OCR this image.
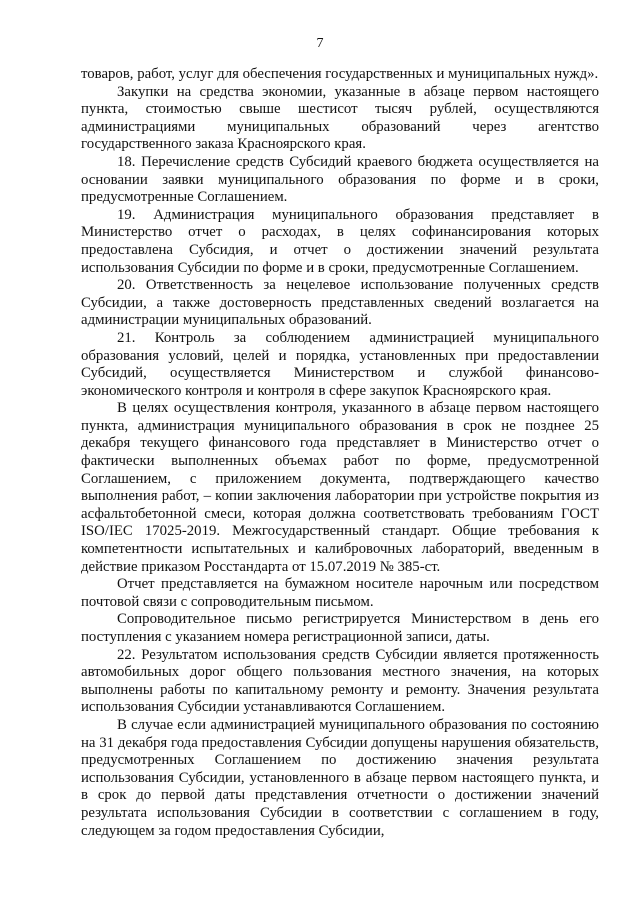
7

товаров, работ, услуг для обеспечения государственных и муниципальных нужд».

Закупки на средства экономии, указанные в абзаце первом настоящего пункта, стоимостью свыше шестисот тысяч рублей, осуществляются администрациями муниципальных образований через агентство государственного заказа Красноярского края.

18. Перечисление средств Субсидий краевого бюджета осуществляется на основании заявки муниципального образования по форме и в сроки, предусмотренные Соглашением.

19. Администрация муниципального образования представляет в Министерство отчет о расходах, в целях софинансирования которых предоставлена Субсидия, и отчет о достижении значений результата использования Субсидии по форме и в сроки, предусмотренные Соглашением.

20. Ответственность за нецелевое использование полученных средств Субсидии, а также достоверность представленных сведений возлагается на администрации муниципальных образований.

21. Контроль за соблюдением администрацией муниципального образования условий, целей и порядка, установленных при предоставлении Субсидий, осуществляется Министерством и службой финансово-экономического контроля и контроля в сфере закупок Красноярского края.

В целях осуществления контроля, указанного в абзаце первом настоящего пункта, администрация муниципального образования в срок не позднее 25 декабря текущего финансового года представляет в Министерство отчет о фактически выполненных объемах работ по форме, предусмотренной Соглашением, с приложением документа, подтверждающего качество выполнения работ, – копии заключения лаборатории при устройстве покрытия из асфальтобетонной смеси, которая должна соответствовать требованиям ГОСТ ISO/IEC 17025-2019. Межгосударственный стандарт. Общие требования к компетентности испытательных и калибровочных лабораторий, введенным в действие приказом Росстандарта от 15.07.2019 № 385-ст.

Отчет представляется на бумажном носителе нарочным или посредством почтовой связи с сопроводительным письмом.

Сопроводительное письмо регистрируется Министерством в день его поступления с указанием номера регистрационной записи, даты.

22. Результатом использования средств Субсидии является протяженность автомобильных дорог общего пользования местного значения, на которых выполнены работы по капитальному ремонту и ремонту. Значения результата использования Субсидии устанавливаются Соглашением.

В случае если администрацией муниципального образования по состоянию на 31 декабря года предоставления Субсидии допущены нарушения обязательств, предусмотренных Соглашением по достижению значения результата использования Субсидии, установленного в абзаце первом настоящего пункта, и в срок до первой даты представления отчетности о достижении значений результата использования Субсидии в соответствии с соглашением в году, следующем за годом предоставления Субсидии,
